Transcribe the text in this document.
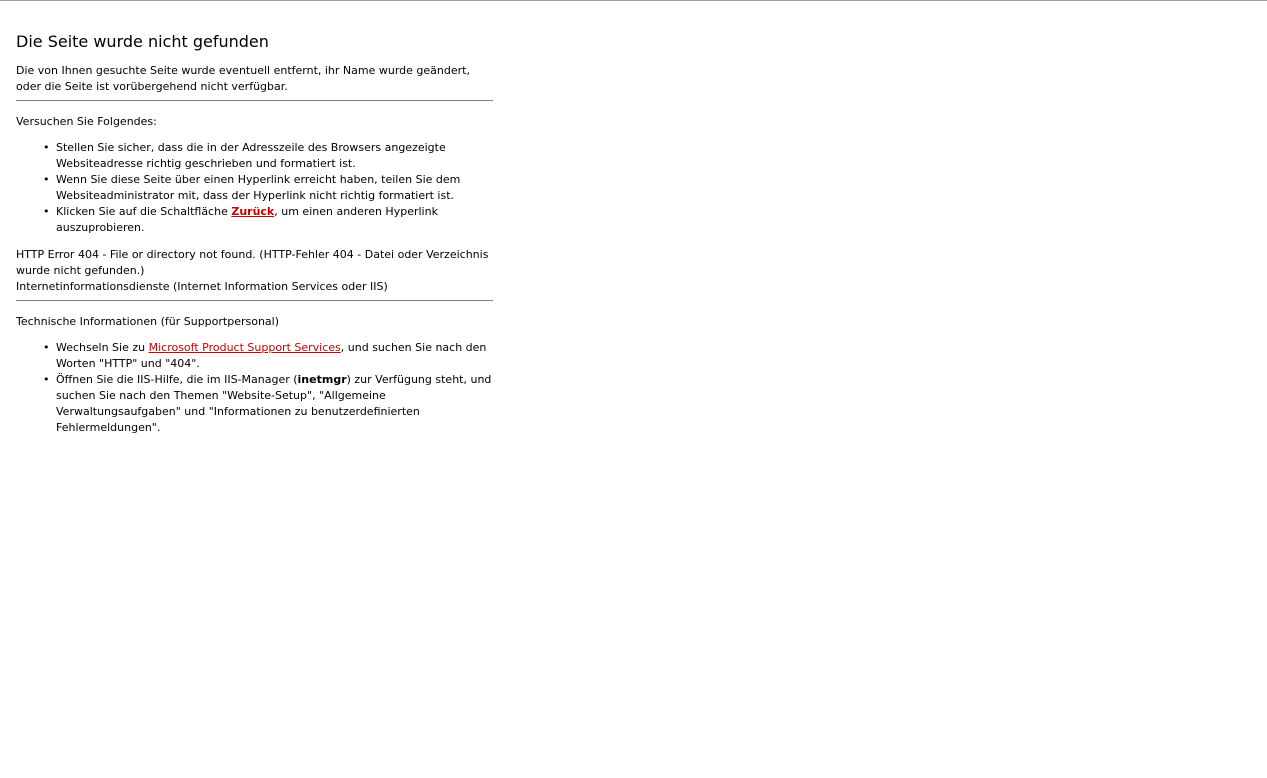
Die Seite wurde nicht gefunden

Die von Ihnen gesuchte Seite wurde eventuell entfernt, ihr Name wurde geändert, oder die Seite ist vorübergehend nicht verfügbar.

Versuchen Sie Folgendes:

• Stellen Sie sicher, dass die in der Adresszeile des Browsers angezeigte Websiteadresse richtig geschrieben und formatiert ist.
• Wenn Sie diese Seite über einen Hyperlink erreicht haben, teilen Sie dem Websiteadministrator mit, dass der Hyperlink nicht richtig formatiert ist.
• Klicken Sie auf die Schaltfläche Zurück, um einen anderen Hyperlink auszuprobieren.

HTTP Error 404 - File or directory not found. (HTTP-Fehler 404 - Datei oder Verzeichnis wurde nicht gefunden.)

Internetinformationsdienste (Internet Information Services oder IIS)

Technische Informationen (für Supportpersonal)

• Wechseln Sie zu Microsoft Product Support Services, und suchen Sie nach den Worten "HTTP" und "404".
• Öffnen Sie die IIS-Hilfe, die im IIS-Manager (inetmgr) zur Verfügung steht, und suchen Sie nach den Themen "Website-Setup", "Allgemeine Verwaltungsaufgaben" und "Informationen zu benutzerdefinierten Fehlermeldungen".
